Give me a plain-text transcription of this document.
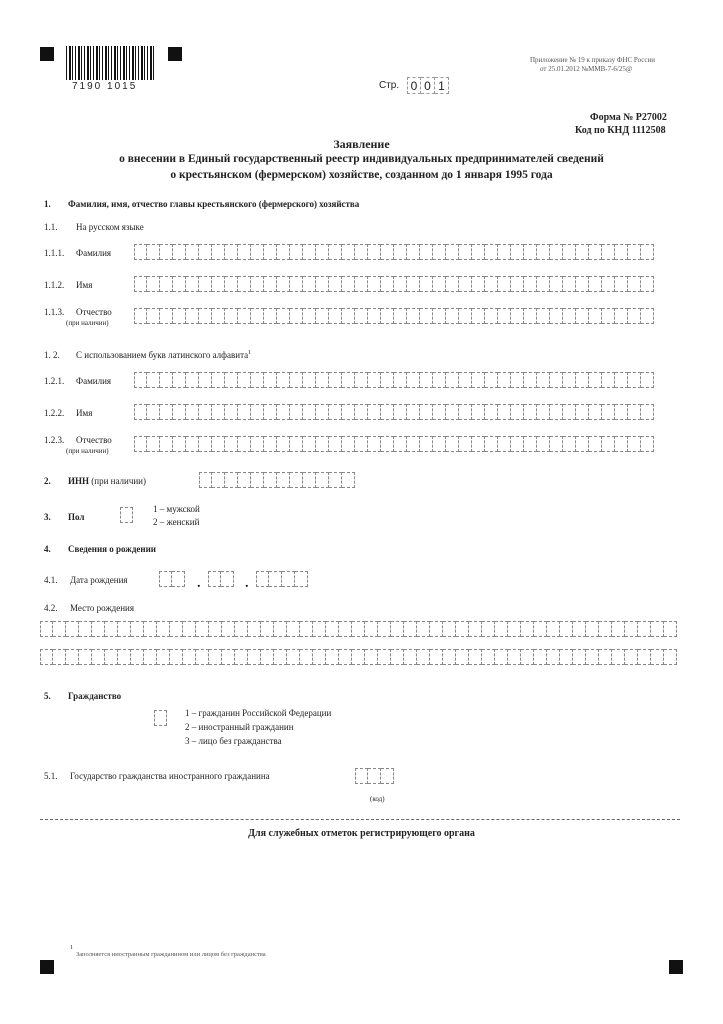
7190 1015
Приложение № 19 к приказу ФНС России
от 25.01.2012 №ММВ-7-6/25@
Стр. 0 0 1
Форма № Р27002
Код по КНД 1112508
Заявление
о внесении в Единый государственный реестр индивидуальных предпринимателей сведений
о крестьянском (фермерском) хозяйстве, созданном до 1 января 1995 года
1. Фамилия, имя, отчество главы крестьянского (фермерского) хозяйства
1.1. На русском языке
1.1.1. Фамилия
1.1.2. Имя
1.1.3. Отчество
(при наличии)
1. 2. С использованием букв латинского алфавита$^1$
1.2.1. Фамилия
1.2.2. Имя
1.2.3. Отчество
(при наличии)
2. ИНН (при наличии)
3. Пол
1 – мужской
2 – женский
4. Сведения о рождении
4.1. Дата рождения	.	.
4.2. Место рождения
5. Гражданство
1 – гражданин Российской Федерации
2 – иностранный гражданин
3 – лицо без гражданства
5.1. Государство гражданства иностранного гражданина
(код)
Для служебных отметок регистрирующего органа
1
Заполняется иностранным гражданином или лицом без гражданства
